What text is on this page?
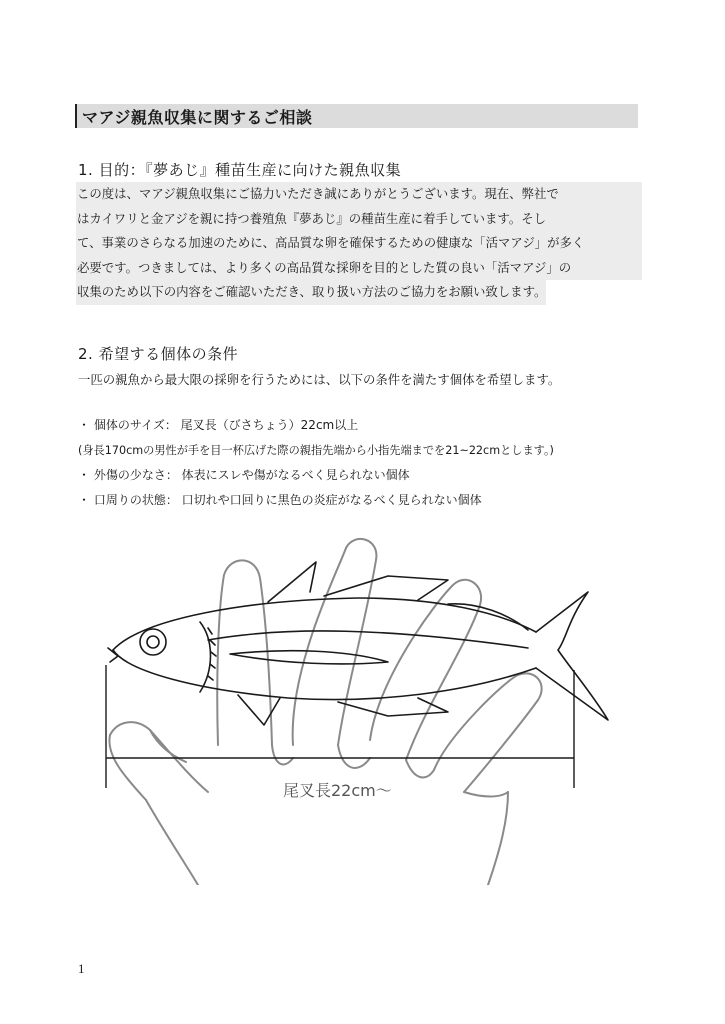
マアジ親魚収集に関するご相談
1. 目的：『夢あじ』種苗生産に向けた親魚収集
この度は、マアジ親魚収集にご協力いただき誠にありがとうございます。現在、弊社で
はカイワリと金アジを親に持つ養殖魚『夢あじ』の種苗生産に着手しています。そし
て、事業のさらなる加速のために、高品質な卵を確保するための健康な「活マアジ」が多く
必要です。つきましては、より多くの高品質な採卵を目的とした質の良い「活マアジ」の
収集のため以下の内容をご確認いただき、取り扱い方法のご協力をお願い致します。
2. 希望する個体の条件
一匹の親魚から最大限の採卵を行うためには、以下の条件を満たす個体を希望します。
・ 個体のサイズ： 尾叉長（びさちょう）22cm以上
(身長170cmの男性が手を目一杯広げた際の親指先端から小指先端までを21~22cmとします。)
・ 外傷の少なさ： 体表にスレや傷がなるべく見られない個体
・ 口周りの状態： 口切れや口回りに黒色の炎症がなるべく見られない個体
尾叉長22cm～
1
